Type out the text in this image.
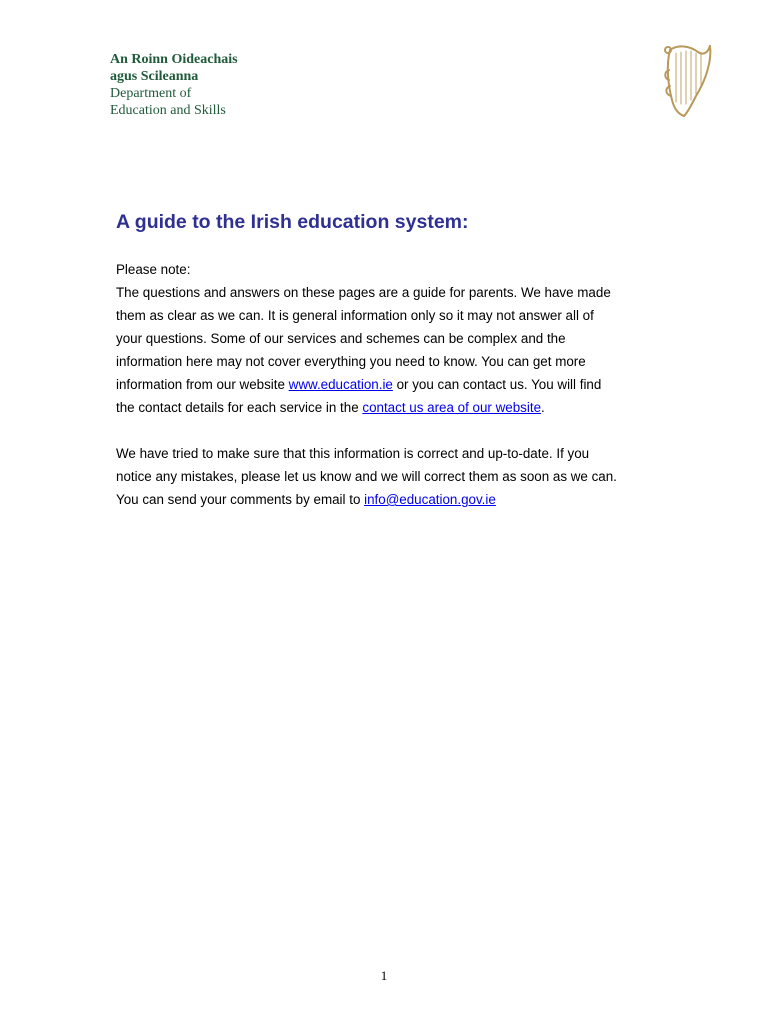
An Roinn Oideachais
agus Scileanna
Department of
Education and Skills
A guide to the Irish education system:

Please note:

The questions and answers on these pages are a guide for parents. We have made
them as clear as we can. It is general information only so it may not answer all of
your questions. Some of our services and schemes can be complex and the
information here may not cover everything you need to know. You can get more
information from our website www.education.ie or you can contact us. You will find
the contact details for each service in the contact us area of our website.

We have tried to make sure that this information is correct and up-to-date. If you
notice any mistakes, please let us know and we will correct them as soon as we can.
You can send your comments by email to info@education.gov.ie

1
